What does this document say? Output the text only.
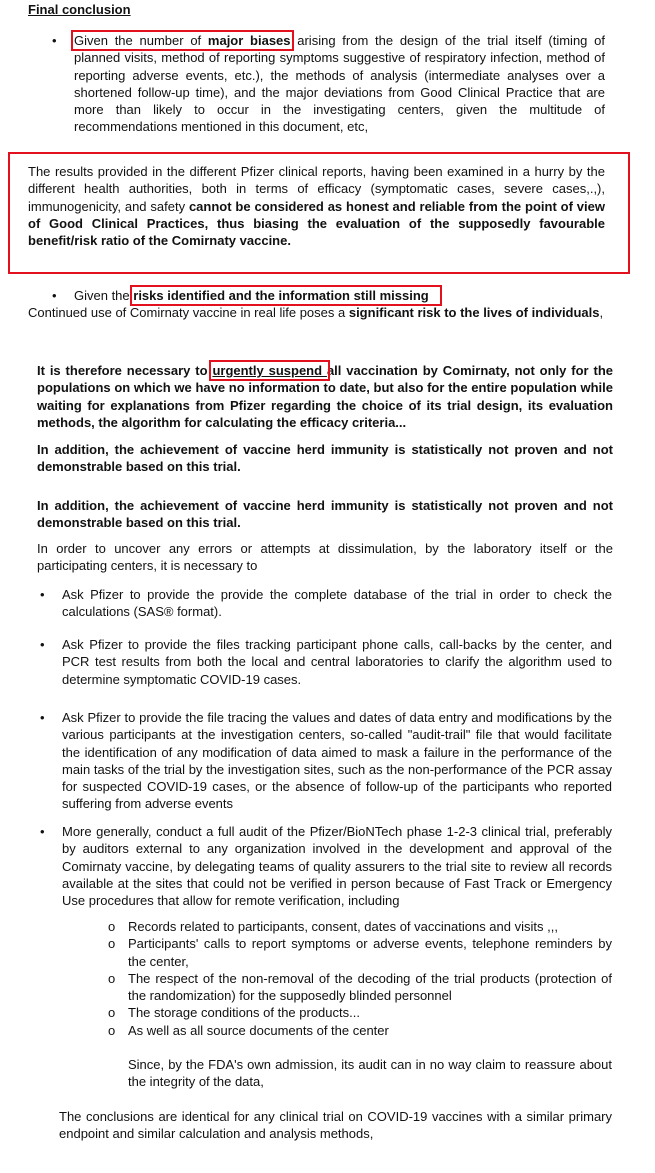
Final conclusion
• Given the number of major biases arising from the design of the trial itself (timing of planned visits, method of reporting symptoms suggestive of respiratory infection, method of reporting adverse events, etc.), the methods of analysis (intermediate analyses over a shortened follow-up time), and the major deviations from Good Clinical Practice that are more than likely to occur in the investigating centers, given the multitude of recommendations mentioned in this document, etc,
The results provided in the different Pfizer clinical reports, having been examined in a hurry by the different health authorities, both in terms of efficacy (symptomatic cases, severe cases,.,), immunogenicity, and safety cannot be considered as honest and reliable from the point of view of Good Clinical Practices, thus biasing the evaluation of the supposedly favourable benefit/risk ratio of the Comirnaty vaccine.
• Given the risks identified and the information still missing
Continued use of Comirnaty vaccine in real life poses a significant risk to the lives of individuals,
It is therefore necessary to urgently suspend all vaccination by Comirnaty, not only for the populations on which we have no information to date, but also for the entire population while waiting for explanations from Pfizer regarding the choice of its trial design, its evaluation methods, the algorithm for calculating the efficacy criteria...
In addition, the achievement of vaccine herd immunity is statistically not proven and not demonstrable based on this trial.
In addition, the achievement of vaccine herd immunity is statistically not proven and not demonstrable based on this trial.
In order to uncover any errors or attempts at dissimulation, by the laboratory itself or the participating centers, it is necessary to
• Ask Pfizer to provide the provide the complete database of the trial in order to check the calculations (SAS® format).
• Ask Pfizer to provide the files tracking participant phone calls, call-backs by the center, and PCR test results from both the local and central laboratories to clarify the algorithm used to determine symptomatic COVID-19 cases.
• Ask Pfizer to provide the file tracing the values and dates of data entry and modifications by the various participants at the investigation centers, so-called "audit-trail" file that would facilitate the identification of any modification of data aimed to mask a failure in the performance of the main tasks of the trial by the investigation sites, such as the non-performance of the PCR assay for suspected COVID-19 cases, or the absence of follow-up of the participants who reported suffering from adverse events
• More generally, conduct a full audit of the Pfizer/BioNTech phase 1-2-3 clinical trial, preferably by auditors external to any organization involved in the development and approval of the Comirnaty vaccine, by delegating teams of quality assurers to the trial site to review all records available at the sites that could not be verified in person because of Fast Track or Emergency Use procedures that allow for remote verification, including
o Records related to participants, consent, dates of vaccinations and visits ,,,
o Participants' calls to report symptoms or adverse events, telephone reminders by the center,
o The respect of the non-removal of the decoding of the trial products (protection of the randomization) for the supposedly blinded personnel
o The storage conditions of the products...
o As well as all source documents of the center
Since, by the FDA's own admission, its audit can in no way claim to reassure about the integrity of the data,
The conclusions are identical for any clinical trial on COVID-19 vaccines with a similar primary endpoint and similar calculation and analysis methods,
